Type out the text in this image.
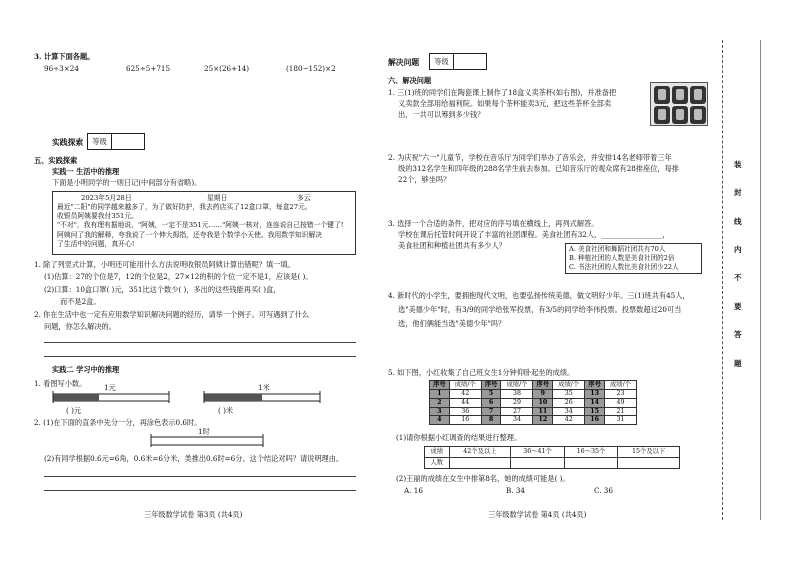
3. 计算下面各题。
96÷3×24	625÷5+715	25×(26+14)	(180−152)×2
实践探索	等级
五、实践探索
实践一 生活中的推理
下面是小明同学的一则日记(中间部分有省略)。
2023年5月28日	星期日	多云
最近"二阳"的同学越来越多了，为了做好防护，我去药店买了12盒口罩，每盒27元。
收银员阿姨要我付351元。
"不对"，我有理有据地说，"阿姨，一定不是351元……"阿姨一核对，连连说自己按错一个键了!
阿姨问了我的解释，夸我说了一个伸大拇指，还夸我是个数学小天使。我用数学知识解决
了生活中的问题，真开心!
1. 除了列竖式计算，小明还可能用什么方法说明收银员阿姨计算出错呢？填一填。
(1)估算：27的个位是7，12的个位是2，27×12的积的个位一定不是1，应该是( )。
(2)口算：10盒口罩( )元，351比这个数少( )，多出的这些钱能再买( )盒，
而不是2盒。
2. 你在生活中也一定有应用数学知识解决问题的经历，请举一个例子。可写遇到了什么
问题，你怎么解决的。
实践二 学习中的推理
1. 看图写小数。 1元
( )元
1米
( )米
2. (1)在下面的直条中先分一分，再涂色表示0.6时。
1时
(2)有同学根据0.6元=6角，0.6米=6分米，类推出0.6时=6分。这个结论对吗？请说明理由。
三年级数学试卷 第3页 (共4页)
解决问题	等级
六、解决问题
1. 三(1)班的同学们在陶瓷课上制作了18盒义卖茶杯(如右图)，并准备把
义卖款全部用给福利院。如果每个茶杯能卖3元，把这些茶杯全部卖
出，一共可以筹到多少钱？
2. 为庆祝"六一"儿童节，学校在音乐厅为同学们举办了音乐会，并安排14名老师带着三年
级的312名学生和四年级的288名学生前去参加。已知音乐厅的观众席有28排座位，每排
22个，够坐吗？
3. 选择一个合适的条件，把对应的序号填在横线上，再列式解答。
学校在课后托管时间开设了丰富的社团课程。美食社团有32人，_________________，
美食社团和种植社团共有多少人？	A. 美食社团和舞蹈社团共有70人
B. 种植社团的人数是美食社团的2倍
C. 书法社团的人数比美食社团少22人
4. 新时代的小学生，要拥抱现代文明，也要弘扬传统美德，做文明好少年。三(1)班共有45人，
选"美德少年"时，有3/9的同学给张军投票，有3/5的同学给李伟投票。投票数超过20可当
选，他们俩能当选"美德少年"吗？
5. 如下图，小红收集了自己班女生1分钟仰卧起坐的成绩。
序号	成绩/个	序号	成绩/个	序号	成绩/个	序号	成绩/个
1	42	5	38	9	35	13	23
2	44	6	29	10	26	14	49
3	36	7	27	11	34	15	21
4	16	8	34	12	42	16	31
(1)请你根据小红调查的结果进行整理。
成绩	42个及以上	36～41个	16～35个	15个及以下
人数				
(2)王丽的成绩在女生中排第8名，她的成绩可能是( )。
A. 16	B. 34	C. 36
三年级数学试卷 第4页 (共4页)
装
封
线
内
不
要
答
题
